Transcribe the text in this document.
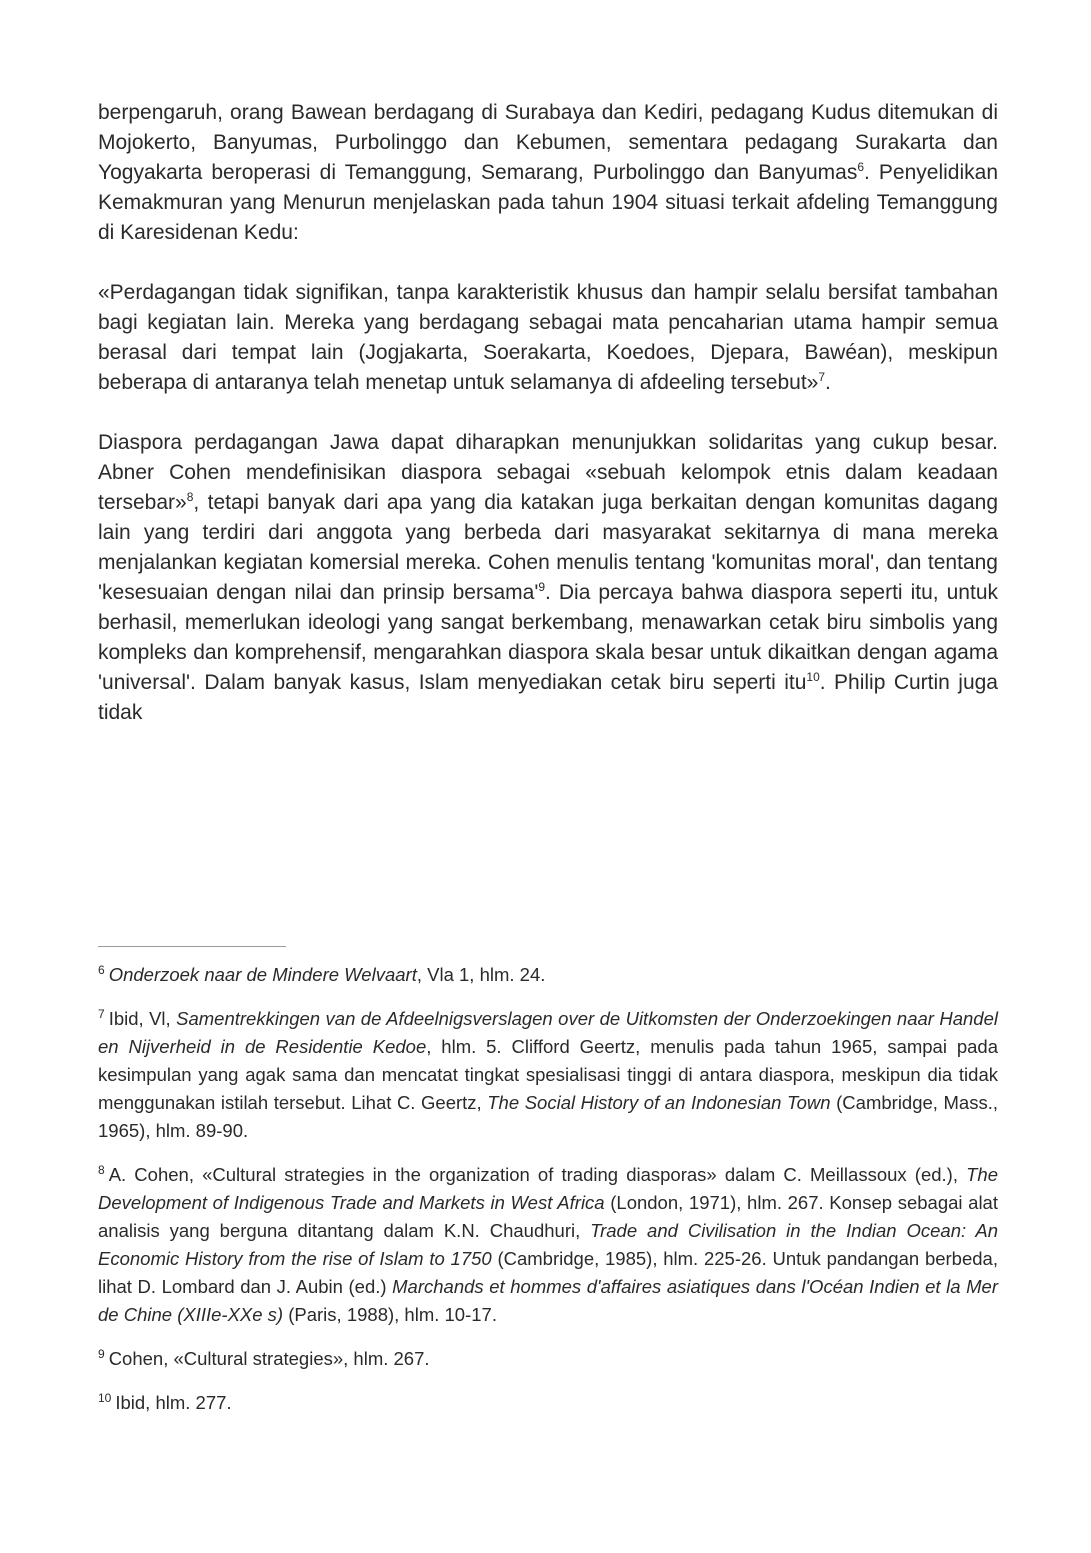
berpengaruh, orang Bawean berdagang di Surabaya dan Kediri, pedagang Kudus ditemukan di Mojokerto, Banyumas, Purbolinggo dan Kebumen, sementara pedagang Surakarta dan Yogyakarta beroperasi di Temanggung, Semarang, Purbolinggo dan Banyumas$^6$. Penyelidikan Kemakmuran yang Menurun menjelaskan pada tahun 1904 situasi terkait afdeling Temanggung di Karesidenan Kedu:

«Perdagangan tidak signifikan, tanpa karakteristik khusus dan hampir selalu bersifat tambahan bagi kegiatan lain. Mereka yang berdagang sebagai mata pencaharian utama hampir semua berasal dari tempat lain (Jogjakarta, Soerakarta, Koedoes, Djepara, Bawéan), meskipun beberapa di antaranya telah menetap untuk selamanya di afdeeling tersebut»$^7$.

Diaspora perdagangan Jawa dapat diharapkan menunjukkan solidaritas yang cukup besar. Abner Cohen mendefinisikan diaspora sebagai «sebuah kelompok etnis dalam keadaan tersebar»$^8$, tetapi banyak dari apa yang dia katakan juga berkaitan dengan komunitas dagang lain yang terdiri dari anggota yang berbeda dari masyarakat sekitarnya di mana mereka menjalankan kegiatan komersial mereka. Cohen menulis tentang 'komunitas moral', dan tentang 'kesesuaian dengan nilai dan prinsip $bersama'^9$. Dia percaya bahwa diaspora seperti itu, untuk berhasil, memerlukan ideologi yang sangat berkembang, menawarkan cetak biru simbolis yang kompleks dan komprehensif, mengarahkan diaspora skala besar untuk dikaitkan dengan agama 'universal'. Dalam banyak kasus, Islam menyediakan cetak biru seperti itu$^{10}$. Philip Curtin juga tidak

$^6$ Onderzoek naar de Mindere Welvaart, Vla 1, hlm. 24.

$^7$ Ibid, Vl, Samentrekkingen van de Afdeelnigsverslagen over de Uitkomsten der Onderzoekingen naar Handel en Nijverheid in de Residentie Kedoe, hlm. 5. Clifford Geertz, menulis pada tahun 1965, sampai pada kesimpulan yang agak sama dan mencatat tingkat spesialisasi tinggi di antara diaspora, meskipun dia tidak menggunakan istilah tersebut. Lihat C. Geertz, The Social History of an Indonesian Town (Cambridge, Mass., 1965), hlm. 89-90.

$^8$ A. Cohen, «Cultural strategies in the organization of trading diasporas» dalam C. Meillassoux (ed.), The Development of Indigenous Trade and Markets in West Africa (London, 1971), hlm. 267. Konsep sebagai alat analisis yang berguna ditantang dalam K.N. Chaudhuri, Trade and Civilisation in the Indian Ocean: An Economic History from the rise of Islam to 1750 (Cambridge, 1985), hlm. 225-26. Untuk pandangan berbeda, lihat D. Lombard dan J. Aubin (ed.) Marchands et hommes d'affaires asiatiques dans l'Océan Indien et la Mer de Chine (XIIIe-XXe s) (Paris, 1988), hlm. 10-17.

$^9$ Cohen, «Cultural strategies», hlm. 267.

$^{10}$ Ibid, hlm. 277.
